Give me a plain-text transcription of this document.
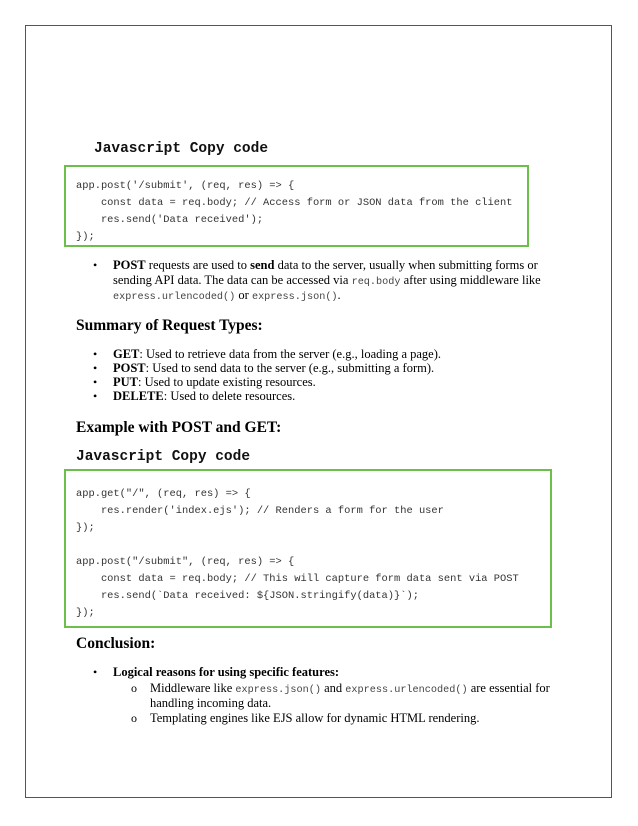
Javascript Copy code
app.post('/submit', (req, res) => {
const data = req.body; // Access form or JSON data from the client
res.send('Data received');
});
• POST requests are used to send data to the server, usually when submitting forms or
sending API data. The data can be accessed via req.body after using middleware like
express.urlencoded() or express.json().
Summary of Request Types:
• GET: Used to retrieve data from the server (e.g., loading a page).
• POST: Used to send data to the server (e.g., submitting a form).
• PUT: Used to update existing resources.
• DELETE: Used to delete resources.
Example with POST and GET:
Javascript Copy code
app.get("/", (req, res) => {
res.render('index.ejs'); // Renders a form for the user
});
app.post("/submit", (req, res) => {
const data = req.body; // This will capture form data sent via POST
res.send(`Data received: ${JSON.stringify(data)}`);
});
Conclusion:
• Logical reasons for using specific features:
o Middleware like express.json() and express.urlencoded() are essential for
handling incoming data.
o Templating engines like EJS allow for dynamic HTML rendering.
